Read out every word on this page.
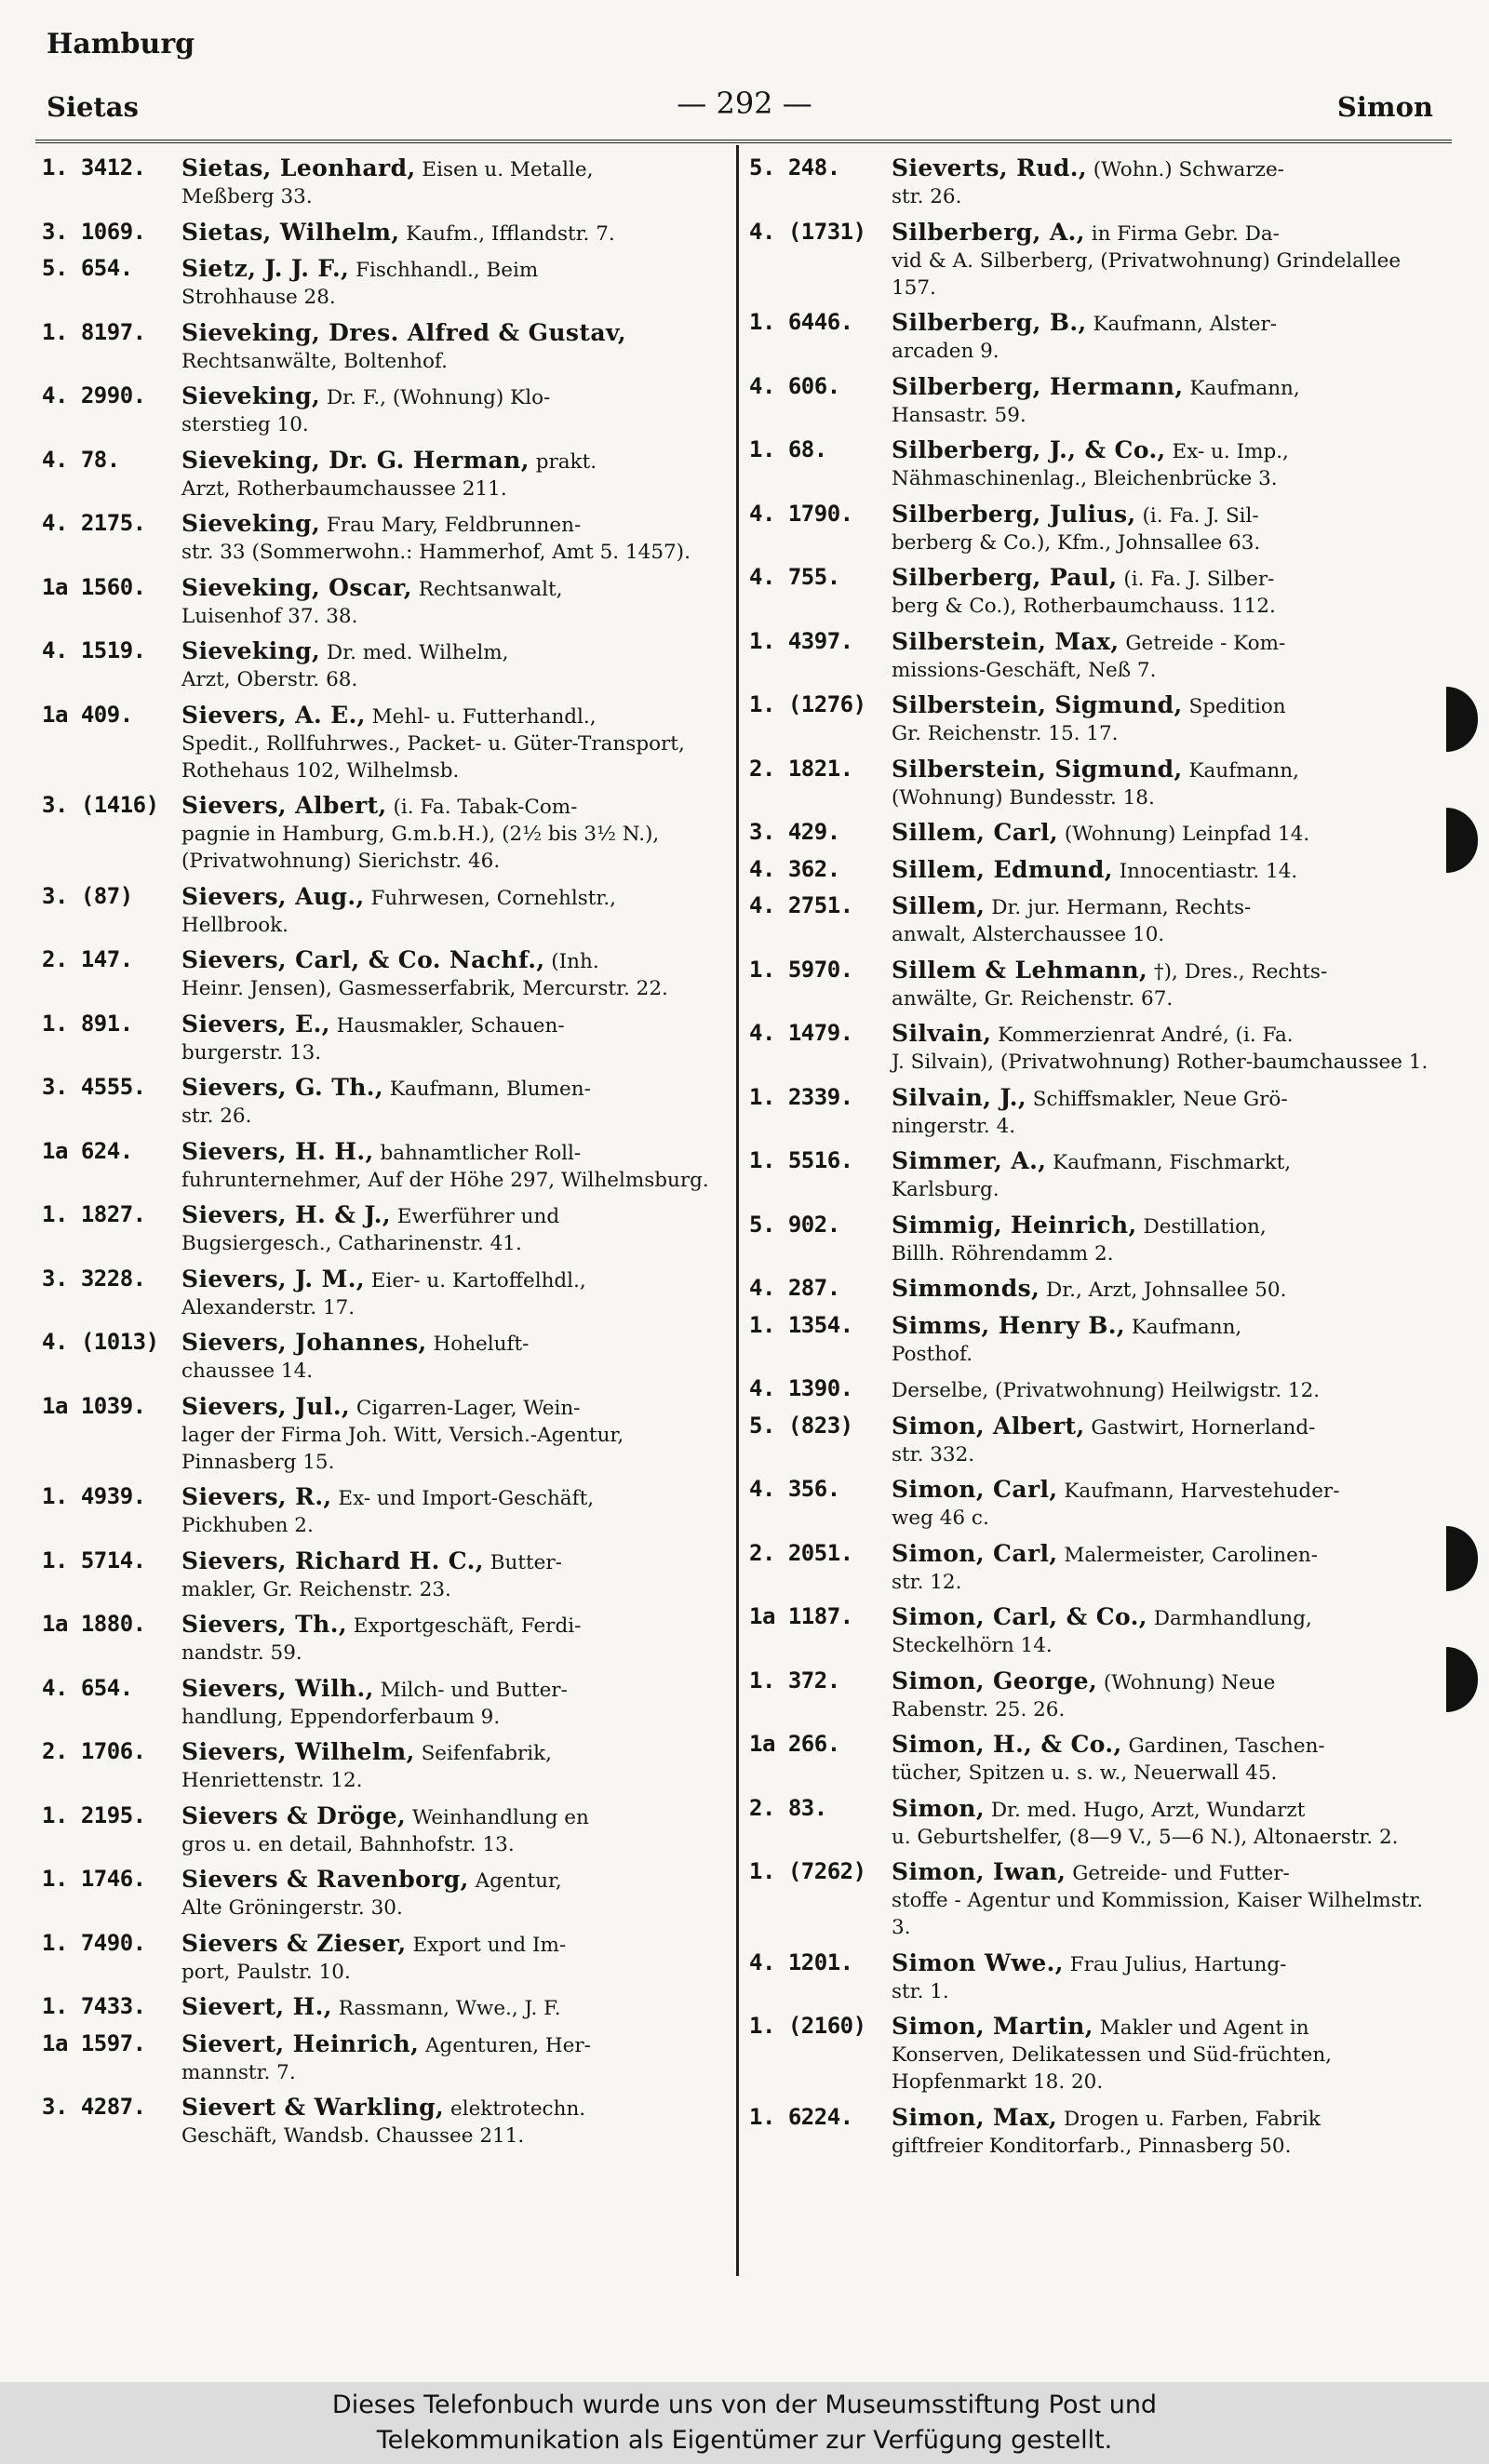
Hamburg
Sietas	— 292 —	Simon
1. 3412.	Sietas, Leonhard, Eisen u. Metalle,
Meßberg 33.
3. 1069.	Sietas, Wilhelm, Kaufm., Ifflandstr. 7.
5. 654.	Sietz, J. J. F., Fischhandl., Beim
Strohhause 28.
1. 8197.	Sieveking, Dres. Alfred & Gustav,
Rechtsanwälte, Boltenhof.
4. 2990.	Sieveking, Dr. F., (Wohnung) Klo-
sterstieg 10.
4. 78.	Sieveking, Dr. G. Herman, prakt.
Arzt, Rotherbaumchaussee 211.
4. 2175.	Sieveking, Frau Mary, Feldbrunnen-
str. 33 (Sommerwohn.: Hammerhof, Amt 5. 1457).
1a 1560.	Sieveking, Oscar, Rechtsanwalt,
Luisenhof 37. 38.
4. 1519.	Sieveking, Dr. med. Wilhelm,
Arzt, Oberstr. 68.
1a 409.	Sievers, A. E., Mehl- u. Futterhandl.,
Spedit., Rollfuhrwes., Packet- u. Güter-Transport, Rothehaus 102, Wilhelmsb.
3. (1416) Sievers, Albert, (i. Fa. Tabak-Com-
pagnie in Hamburg, G.m.b.H.), (2½ bis 3½ N.), (Privatwohnung) Sierichstr. 46.
3. (87)	Sievers, Aug., Fuhrwesen, Cornehlstr.,
Hellbrook.
2. 147.	Sievers, Carl, & Co. Nachf., (Inh.
Heinr. Jensen), Gasmesserfabrik, Mercurstr. 22.
1. 891.	Sievers, E., Hausmakler, Schauen-
burgerstr. 13.
3. 4555.	Sievers, G. Th., Kaufmann, Blumen-
str. 26.
1a 624.	Sievers, H. H., bahnamtlicher Roll-
fuhrunternehmer, Auf der Höhe 297, Wilhelmsburg.
1. 1827.	Sievers, H. & J., Ewerführer und
Bugsiergesch., Catharinenstr. 41.
3. 3228.	Sievers, J. M., Eier- u. Kartoffelhdl.,
Alexanderstr. 17.
4. (1013) Sievers, Johannes, Hoheluft-
chaussee 14.
1a 1039.	Sievers, Jul., Cigarren-Lager, Wein-
lager der Firma Joh. Witt, Versich.-Agentur, Pinnasberg 15.
1. 4939.	Sievers, R., Ex- und Import-Geschäft,
Pickhuben 2.
1. 5714.	Sievers, Richard H. C., Butter-
makler, Gr. Reichenstr. 23.
1a 1880.	Sievers, Th., Exportgeschäft, Ferdi-
nandstr. 59.
4. 654.	Sievers, Wilh., Milch- und Butter-
handlung, Eppendorferbaum 9.
2. 1706.	Sievers, Wilhelm, Seifenfabrik,
Henriettenstr. 12.
1. 2195.	Sievers & Dröge, Weinhandlung en
gros u. en detail, Bahnhofstr. 13.
1. 1746.	Sievers & Ravenborg, Agentur,
Alte Gröningerstr. 30.
1. 7490.	Sievers & Zieser, Export und Im-
port, Paulstr. 10.
1. 7433.	Sievert, H., Rassmann, Wwe., J. F.
1a 1597.	Sievert, Heinrich, Agenturen, Her-
mannstr. 7.
3. 4287.	Sievert & Warkling, elektrotechn.
Geschäft, Wandsb. Chaussee 211.
5. 248.	Sieverts, Rud., (Wohn.) Schwarze-
str. 26.
4. (1731)	Silberberg, A., in Firma Gebr. Da-
vid & A. Silberberg, (Privatwohnung) Grindelallee 157.
1. 6446.	Silberberg, B., Kaufmann, Alster-
arcaden 9.
4. 606.	Silberberg, Hermann, Kaufmann,
Hansastr. 59.
1. 68.	Silberberg, J., & Co., Ex- u. Imp.,
Nähmaschinenlag., Bleichenbrücke 3.
4. 1790.	Silberberg, Julius, (i. Fa. J. Sil-
berberg & Co.), Kfm., Johnsallee 63.
4. 755.	Silberberg, Paul, (i. Fa. J. Silber-
berg & Co.), Rotherbaumchauss. 112.
1. 4397.	Silberstein, Max, Getreide - Kom-
missions-Geschäft, Neß 7.
1. (1276)	Silberstein, Sigmund, Spedition
Gr. Reichenstr. 15. 17.
2. 1821.	Silberstein, Sigmund, Kaufmann,
(Wohnung) Bundesstr. 18.
3. 429.	Sillem, Carl, (Wohnung) Leinpfad 14.
4. 362.	Sillem, Edmund, Innocentiastr. 14.
4. 2751.	Sillem, Dr. jur. Hermann, Rechts-
anwalt, Alsterchaussee 10.
1. 5970.	Sillem & Lehmann, †), Dres., Rechts-
anwälte, Gr. Reichenstr. 67.
4. 1479.	Silvain, Kommerzienrat André, (i. Fa.
J. Silvain), (Privatwohnung) Rother-baumchaussee 1.
1. 2339.	Silvain, J., Schiffsmakler, Neue Grö-
ningerstr. 4.
1. 5516.	Simmer, A., Kaufmann, Fischmarkt,
Karlsburg.
5. 902.	Simmig, Heinrich, Destillation,
Billh. Röhrendamm 2.
4. 287.	Simmonds, Dr., Arzt, Johnsallee 50.
1. 1354.	Simms, Henry B., Kaufmann,
Posthof.
4. 1390.	Derselbe, (Privatwohnung) Heilwigstr. 12.
5. (823)	Simon, Albert, Gastwirt, Hornerland-
str. 332.
4. 356.	Simon, Carl, Kaufmann, Harvestehuder-
weg 46 c.
2. 2051.	Simon, Carl, Malermeister, Carolinen-
str. 12.
1a 1187.	Simon, Carl, & Co., Darmhandlung,
Steckelhörn 14.
1. 372.	Simon, George, (Wohnung) Neue
Rabenstr. 25. 26.
1a 266.	Simon, H., & Co., Gardinen, Taschen-
tücher, Spitzen u. s. w., Neuerwall 45.
2. 83.	Simon, Dr. med. Hugo, Arzt, Wundarzt
u. Geburtshelfer, (8—9 V., 5—6 N.), Altonaerstr. 2.
1. (7262)	Simon, Iwan, Getreide- und Futter-
stoffe - Agentur und Kommission, Kaiser Wilhelmstr. 3.
4. 1201.	Simon Wwe., Frau Julius, Hartung-
str. 1.
1. (2160)	Simon, Martin, Makler und Agent in
Konserven, Delikatessen und Süd-früchten, Hopfenmarkt 18. 20.
1. 6224.	Simon, Max, Drogen u. Farben, Fabrik
giftfreier Konditorfarb., Pinnasberg 50.
Dieses Telefonbuch wurde uns von der Museumsstiftung Post und
Telekommunikation als Eigentümer zur Verfügung gestellt.
